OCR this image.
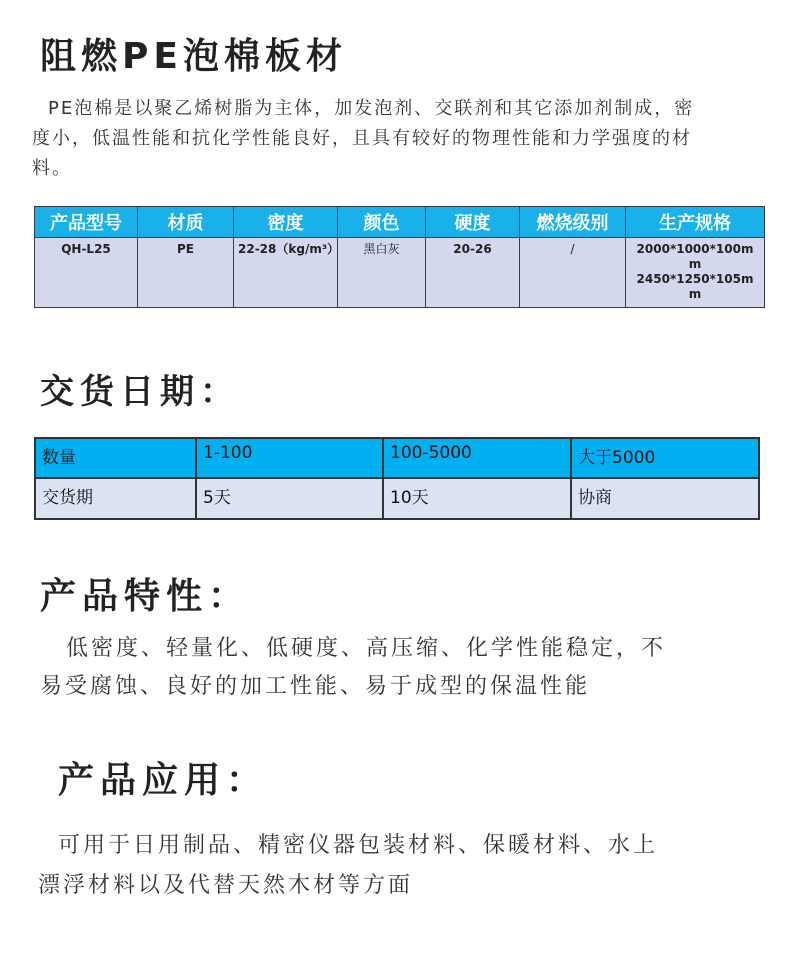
阻燃PE泡棉板材
PE泡棉是以聚乙烯树脂为主体，加发泡剂、交联剂和其它添加剂制成，密
度小，低温性能和抗化学性能良好，且具有较好的物理性能和力学强度的材
料。
产品型号	材质	密度	颜色	硬度	燃烧级别	生产规格
QH-L25	PE	22-28（kg/m³）	黑白灰	20-26	/	2000*1000*100m
m
2450*1250*105m
m
交货日期：
数量	1-100	100-5000	大于5000
交货期	5天	10天	协商
产品特性：
低密度、轻量化、低硬度、高压缩、化学性能稳定，不
易受腐蚀、良好的加工性能、易于成型的保温性能
产品应用：
可用于日用制品、精密仪器包装材料、保暖材料、水上
漂浮材料以及代替天然木材等方面
